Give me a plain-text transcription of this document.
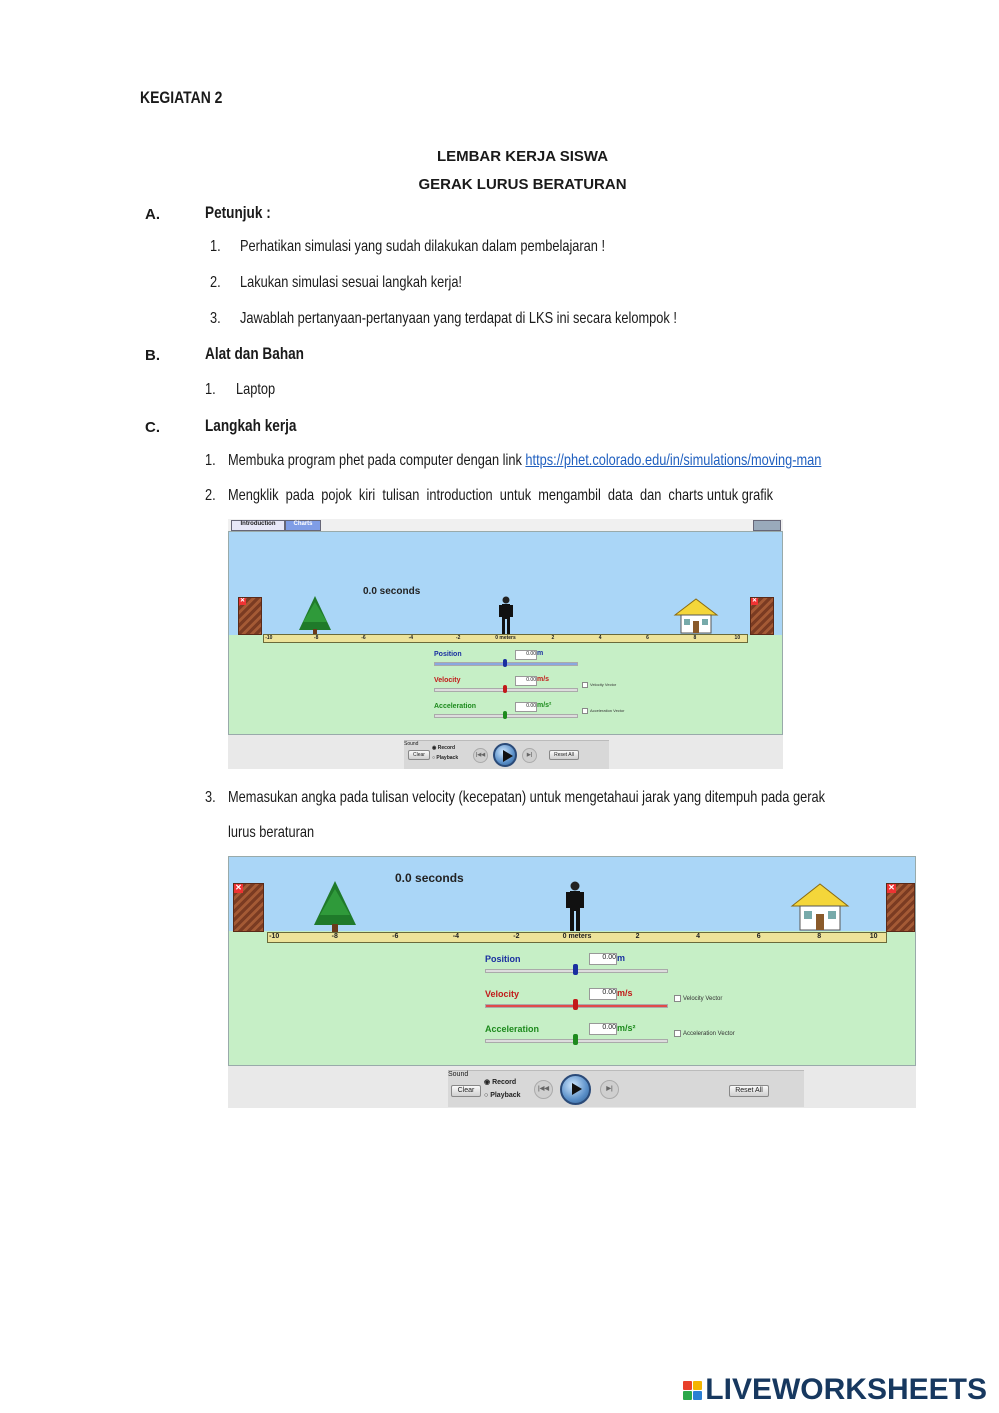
KEGIATAN 2
LEMBAR KERJA SISWA
GERAK LURUS BERATURAN
A.	Petunjuk :
1. Perhatikan simulasi yang sudah dilakukan dalam pembelajaran !
2. Lakukan simulasi sesuai langkah kerja!
3. Jawablah pertanyaan-pertanyaan yang terdapat di LKS ini secara kelompok !
B.	Alat dan Bahan
1. Laptop
C.	Langkah kerja
1. Membuka program phet pada computer dengan link https://phet.colorado.edu/in/simulations/moving-man
2. Mengklik  pada  pojok  kiri  tulisan  introduction  untuk  mengambil  data  dan  charts untuk grafik
Introduction	Charts
0.0 seconds
✕	✕
-10	-8	-6	-4	-2	0 meters	2	4	6	8	10
Position	0.00 m
Velocity	0.00 m/s
Velocity Vector
Acceleration	0.00 m/s²
Acceleration Vector
Clear
◉ Record
○ Playback	|◀◀	▶|	Reset All
Sound
3. Memasukan angka pada tulisan velocity (kecepatan) untuk mengetahaui jarak yang ditempuh pada gerak
lurus beraturan
0.0 seconds
✕	✕
-10	-8	-6	-4	-2	0 meters	2	4	6	8	10
Position	0.00 m
Velocity	0.00 m/s
Velocity Vector
Acceleration	0.00 m/s²
Acceleration Vector
Clear
◉ Record
○ Playback
|◀◀	▶|	Reset All
Sound
LIVEWORKSHEETS
